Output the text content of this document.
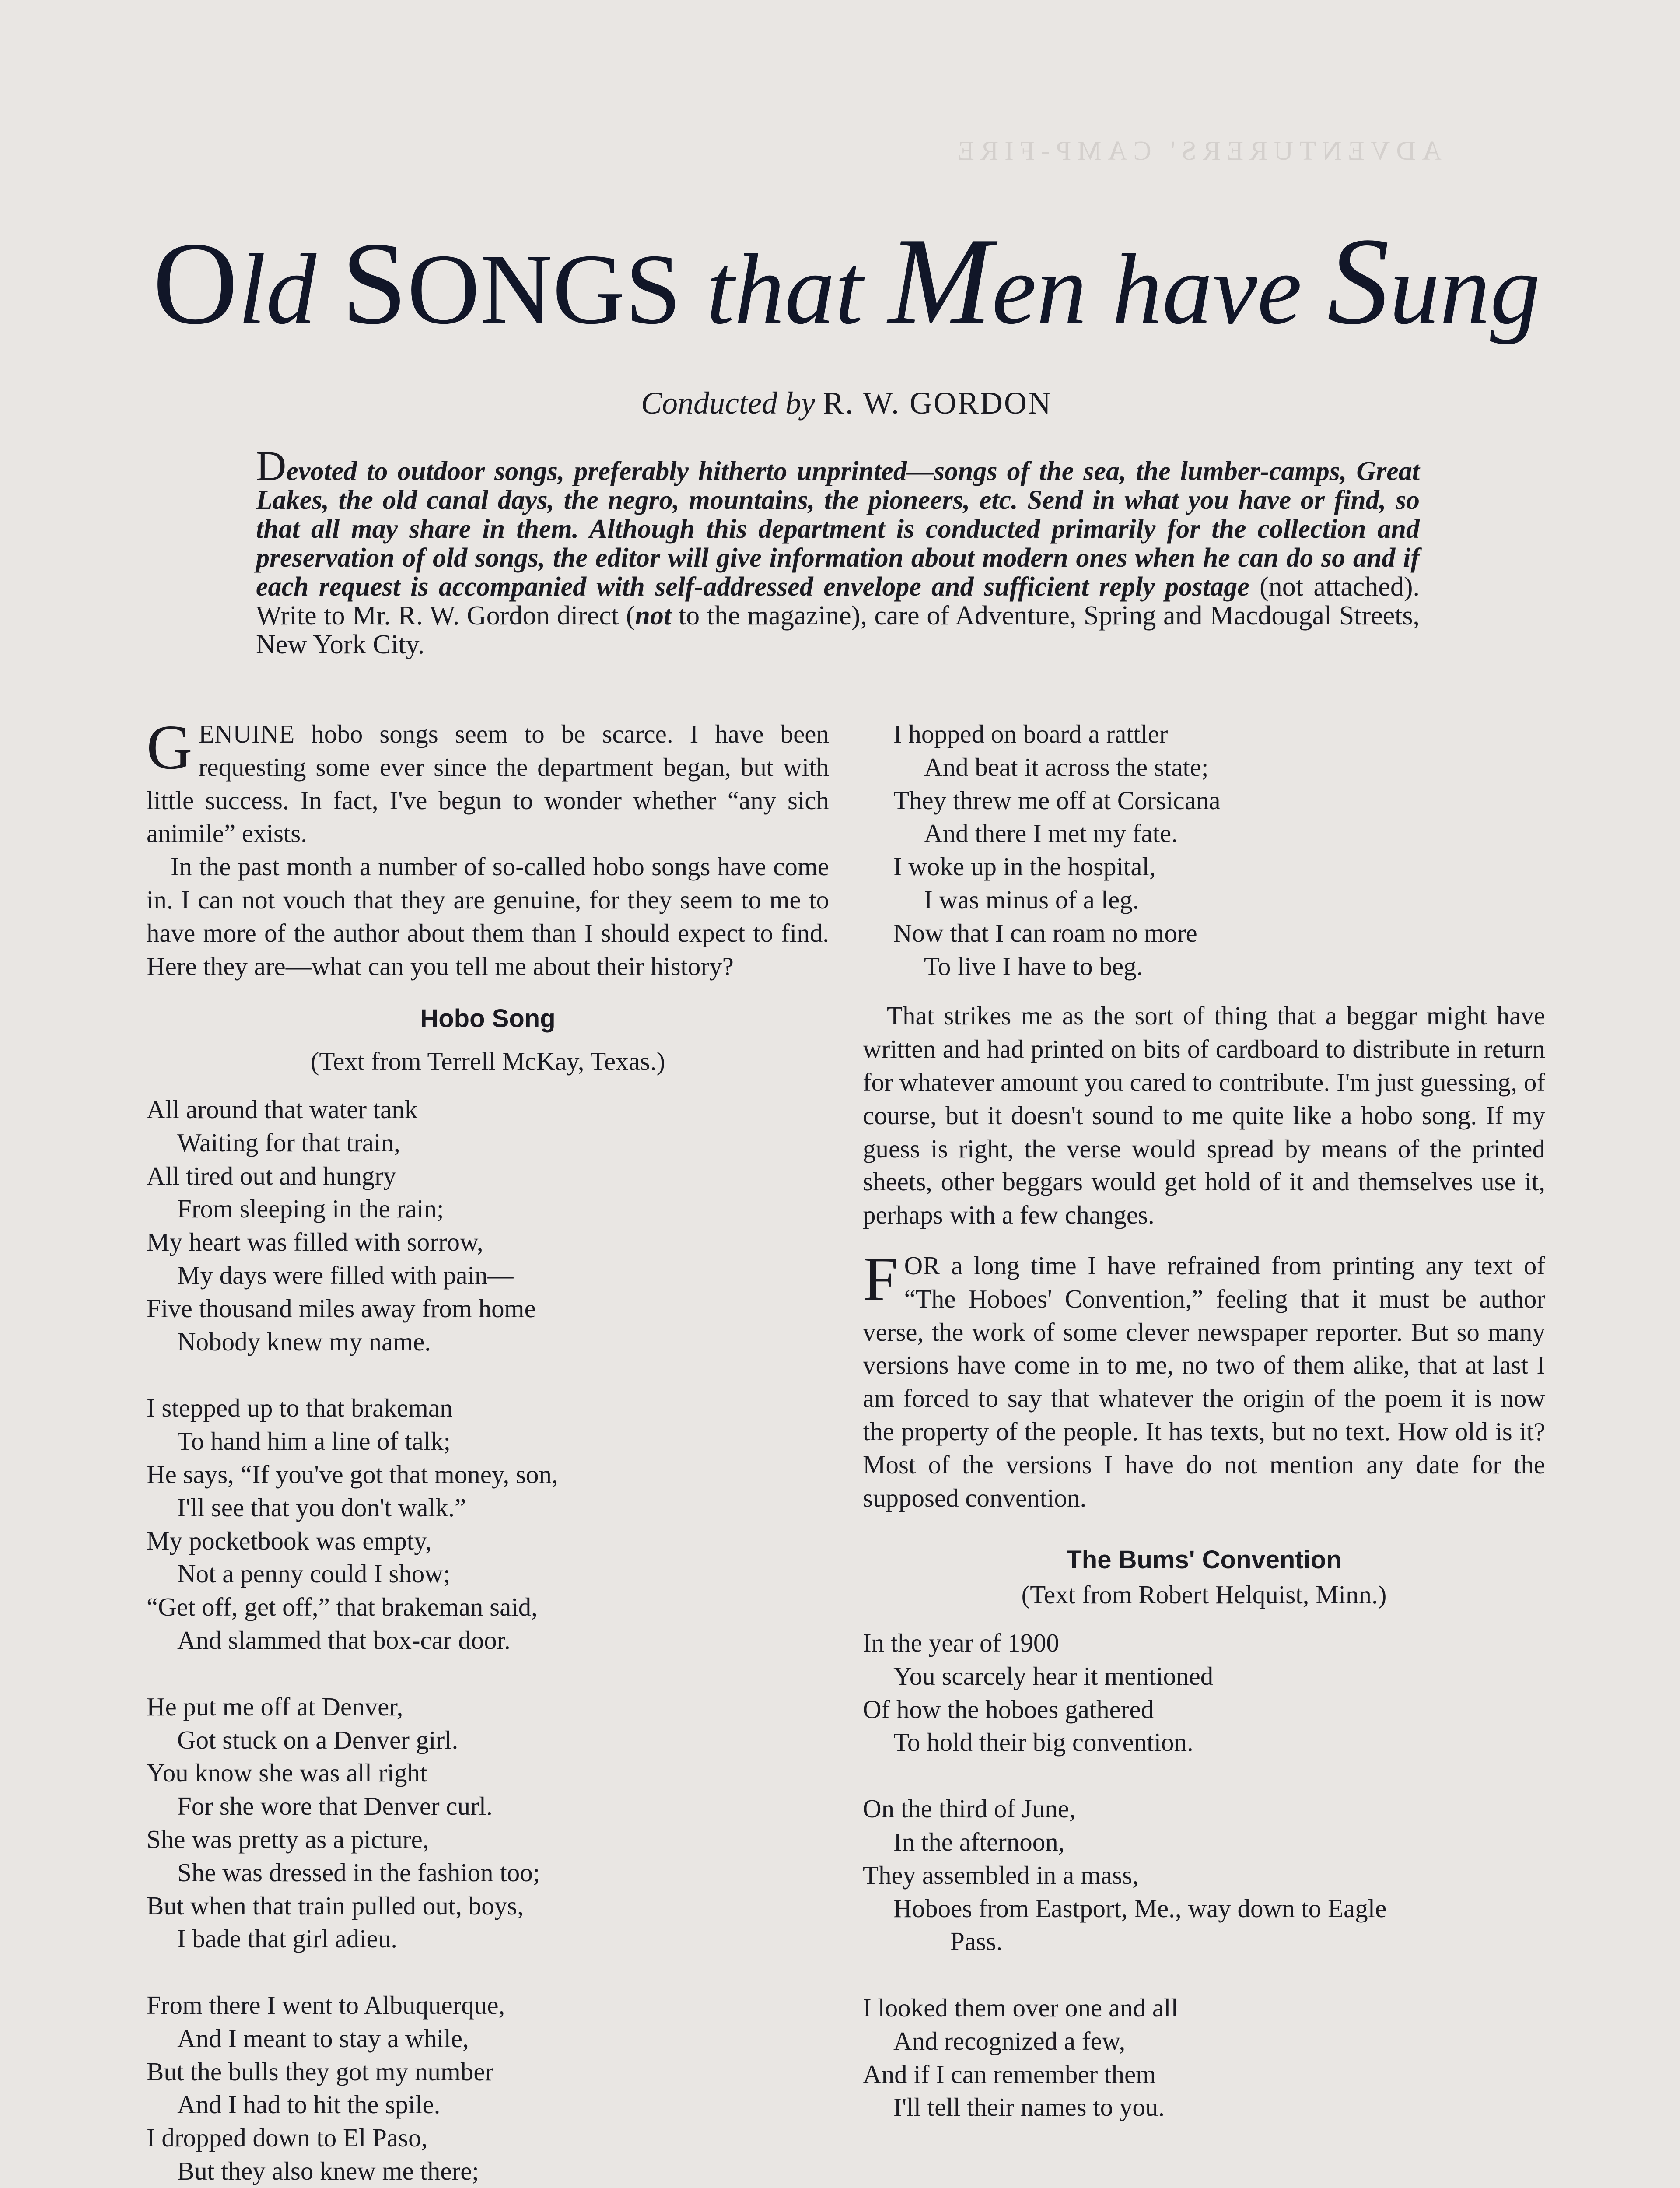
ADVENTURERS' CAMP-FIRE
Old SONGS that Men have Sung
Conducted by R. W. GORDON
Devoted to outdoor songs, preferably hitherto unprinted—songs of the sea, the lumber-camps, Great Lakes, the old canal days, the negro, mountains, the pioneers, etc. Send in what you have or find, so that all may share in them. Although this department is conducted primarily for the collection and preservation of old songs, the editor will give information about modern ones when he can do so and if each request is accompanied with self-addressed envelope and sufficient reply postage (not attached). Write to Mr. R. W. Gordon direct (not to the magazine), care of Adventure, Spring and Macdougal Streets, New York City.

GENUINE hobo songs seem to be scarce. I have been requesting some ever since the department began, but with little success. In fact, I've begun to wonder whether “any sich animile” exists.

In the past month a number of so-called hobo songs have come in. I can not vouch that they are genuine, for they seem to me to have more of the author about them than I should expect to find. Here they are—what can you tell me about their history?

Hobo Song

(Text from Terrell McKay, Texas.)

All around that water tank
Waiting for that train,
All tired out and hungry
From sleeping in the rain;
My heart was filled with sorrow,
My days were filled with pain—
Five thousand miles away from home
Nobody knew my name.
I stepped up to that brakeman
To hand him a line of talk;
He says, “If you've got that money, son,
I'll see that you don't walk.”
My pocketbook was empty,
Not a penny could I show;
“Get off, get off,” that brakeman said,
And slammed that box-car door.
He put me off at Denver,
Got stuck on a Denver girl.
You know she was all right
For she wore that Denver curl.
She was pretty as a picture,
She was dressed in the fashion too;
But when that train pulled out, boys,
I bade that girl adieu.
From there I went to Albuquerque,
And I meant to stay a while,
But the bulls they got my number
And I had to hit the spile.
I dropped down to El Paso,
But they also knew me there;
I hopped on board a rattler
And beat it across the state;
They threw me off at Corsicana
And there I met my fate.
I woke up in the hospital,
I was minus of a leg.
Now that I can roam no more
To live I have to beg.

That strikes me as the sort of thing that a beggar might have written and had printed on bits of cardboard to distribute in return for whatever amount you cared to contribute. I'm just guessing, of course, but it doesn't sound to me quite like a hobo song. If my guess is right, the verse would spread by means of the printed sheets, other beggars would get hold of it and themselves use it, perhaps with a few changes.

FOR a long time I have refrained from printing any text of “The Hoboes' Convention,” feeling that it must be author verse, the work of some clever newspaper reporter. But so many versions have come in to me, no two of them alike, that at last I am forced to say that whatever the origin of the poem it is now the property of the people. It has texts, but no text. How old is it? Most of the versions I have do not mention any date for the supposed convention.

The Bums' Convention

(Text from Robert Helquist, Minn.)

In the year of 1900
You scarcely hear it mentioned
Of how the hoboes gathered
To hold their big convention.
On the third of June,
In the afternoon,
They assembled in a mass,
Hoboes from Eastport, Me., way down to Eagle
Pass.
I looked them over one and all
And recognized a few,
And if I can remember them
I'll tell their names to you.
